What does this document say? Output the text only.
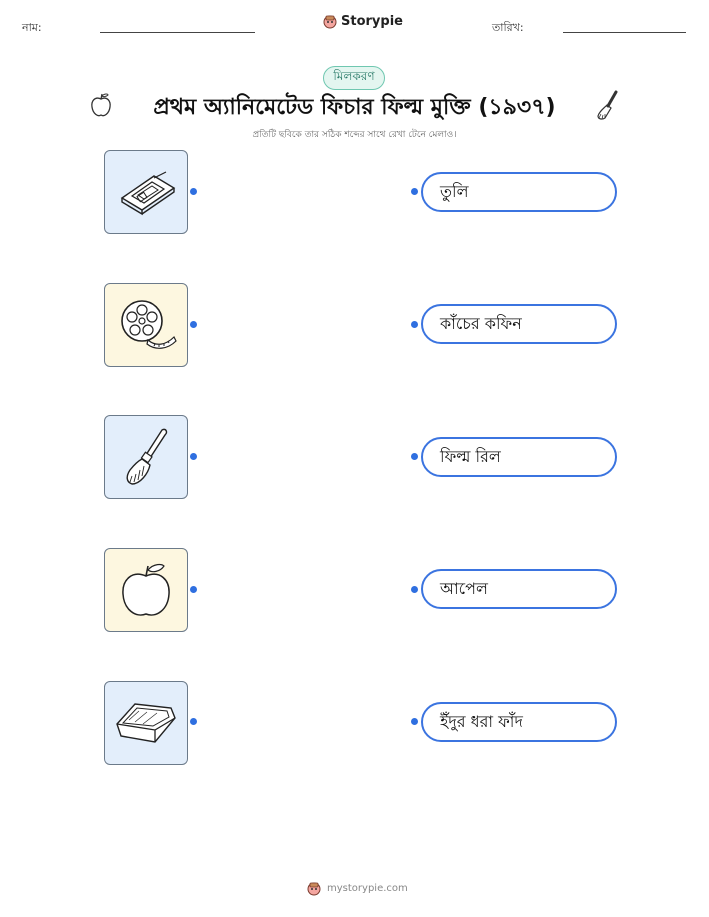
নাম:	Storypie	তারিখ:
মিলকরণ
প্রথম অ্যানিমেটেড ফিচার ফিল্ম মুক্তি (১৯৩৭)
প্রতিটি ছবিকে তার সঠিক শব্দের সাথে রেখা টেনে মেলাও।
তুলি
কাঁচের কফিন
ফিল্ম রিল
আপেল
ইঁদুর ধরা ফাঁদ
mystorypie.com
